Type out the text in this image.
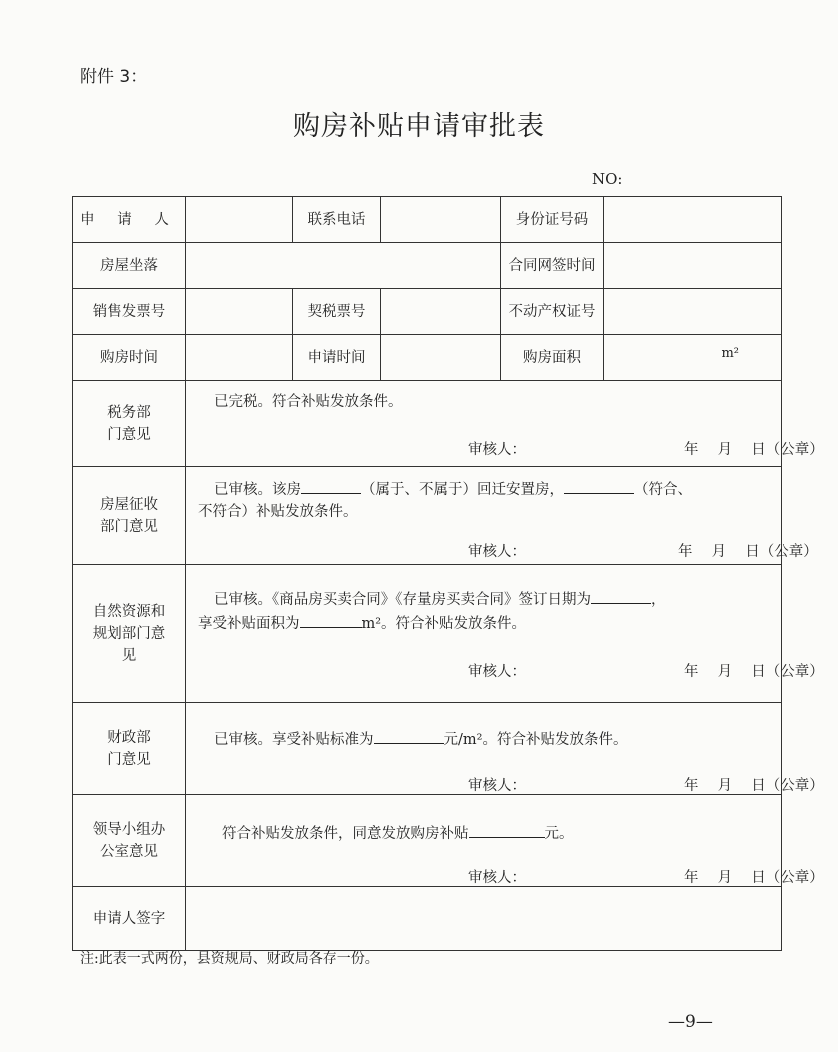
附件 3：
购房补贴申请审批表
NO:
申 请 人		联系电话		身份证号码	
房屋坐落				合同网签时间	
销售发票号		契税票号		不动产权证号	
购房时间		申请时间		购房面积	m²

税务部门意见	已完税。符合补贴发放条件。
审核人： 年　 月　 日（公章）				

房屋征收部门意见	已审核。该房 （属于、不属于）回迁安置房， （符合、
不符合）补贴发放条件。
审核人： 年　 月　 日（公章）				

自然资源和规划部门意见	已审核。《商品房买卖合同》《存量房买卖合同》签订日期为 ，
享受补贴面积为 m²。符合补贴发放条件。
审核人： 年　 月　 日（公章）				

财政部门意见	已审核。享受补贴标准为 元/m²。符合补贴发放条件。
审核人： 年　 月　 日（公章）				

领导小组办公室意见	符合补贴发放条件，同意发放购房补贴 元。
审核人： 年　 月　 日（公章）				

申请人签字					
注:此表一式两份，县资规局、财政局各存一份。
—9—
